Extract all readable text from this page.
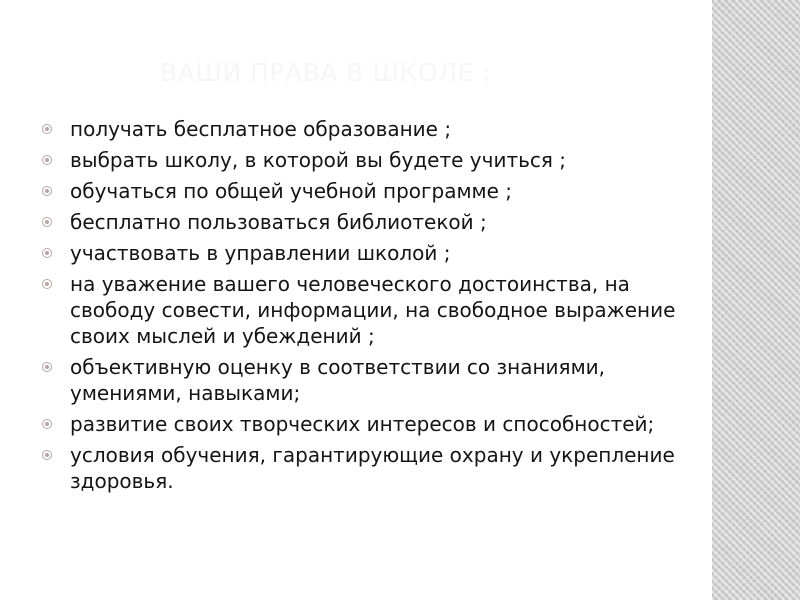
ВАШИ ПРАВА В ШКОЛЕ :
получать бесплатное образование ;
выбрать школу, в которой вы будете учиться ;
обучаться по общей учебной программе ;
бесплатно пользоваться библиотекой ;
участвовать в управлении школой ;
на уважение вашего человеческого достоинства, на свободу совести, информации, на свободное выражение своих мыслей и убеждений ;
объективную оценку в соответствии со знаниями, умениями, навыками;
развитие своих творческих интересов и способностей;
условия обучения, гарантирующие охрану и укрепление здоровья.
